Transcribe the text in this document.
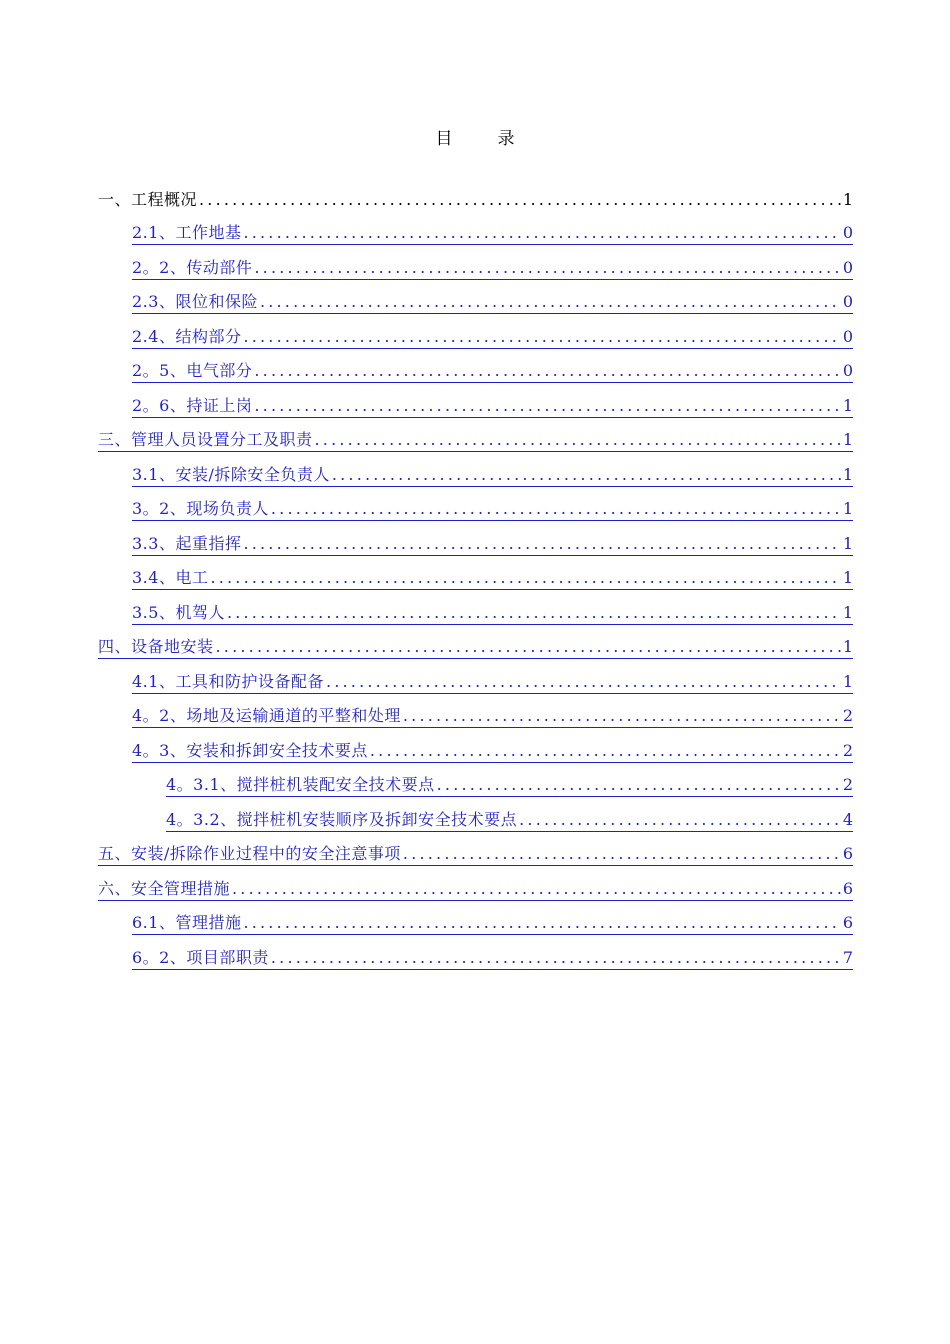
目　录
一、工程概况 .....	1
2.1、工作地基 .....	0
2。2、传动部件 .....	0
2.3、限位和保险 .....	0
2.4、结构部分 .....	0
2。5、电气部分 .....	0
2。6、持证上岗 .....	1
三、管理人员设置分工及职责 .....	1
3.1、安装/拆除安全负责人 .....	1
3。2、现场负责人 .....	1
3.3、起重指挥 .....	1
3.4、电工 .....	1
3.5、机驾人 .....	1
四、设备地安装 .....	1
4.1、工具和防护设备配备 .....	1
4。2、场地及运输通道的平整和处理 .....	2
4。3、安装和拆卸安全技术要点 .....	2
4。3.1、搅拌桩机装配安全技术要点 .....	2
4。3.2、搅拌桩机安装顺序及拆卸安全技术要点 .....	4
五、安装/拆除作业过程中的安全注意事项 .....	6
六、安全管理措施 .....	6
6.1、管理措施 .....	6
6。2、项目部职责 .....	7
